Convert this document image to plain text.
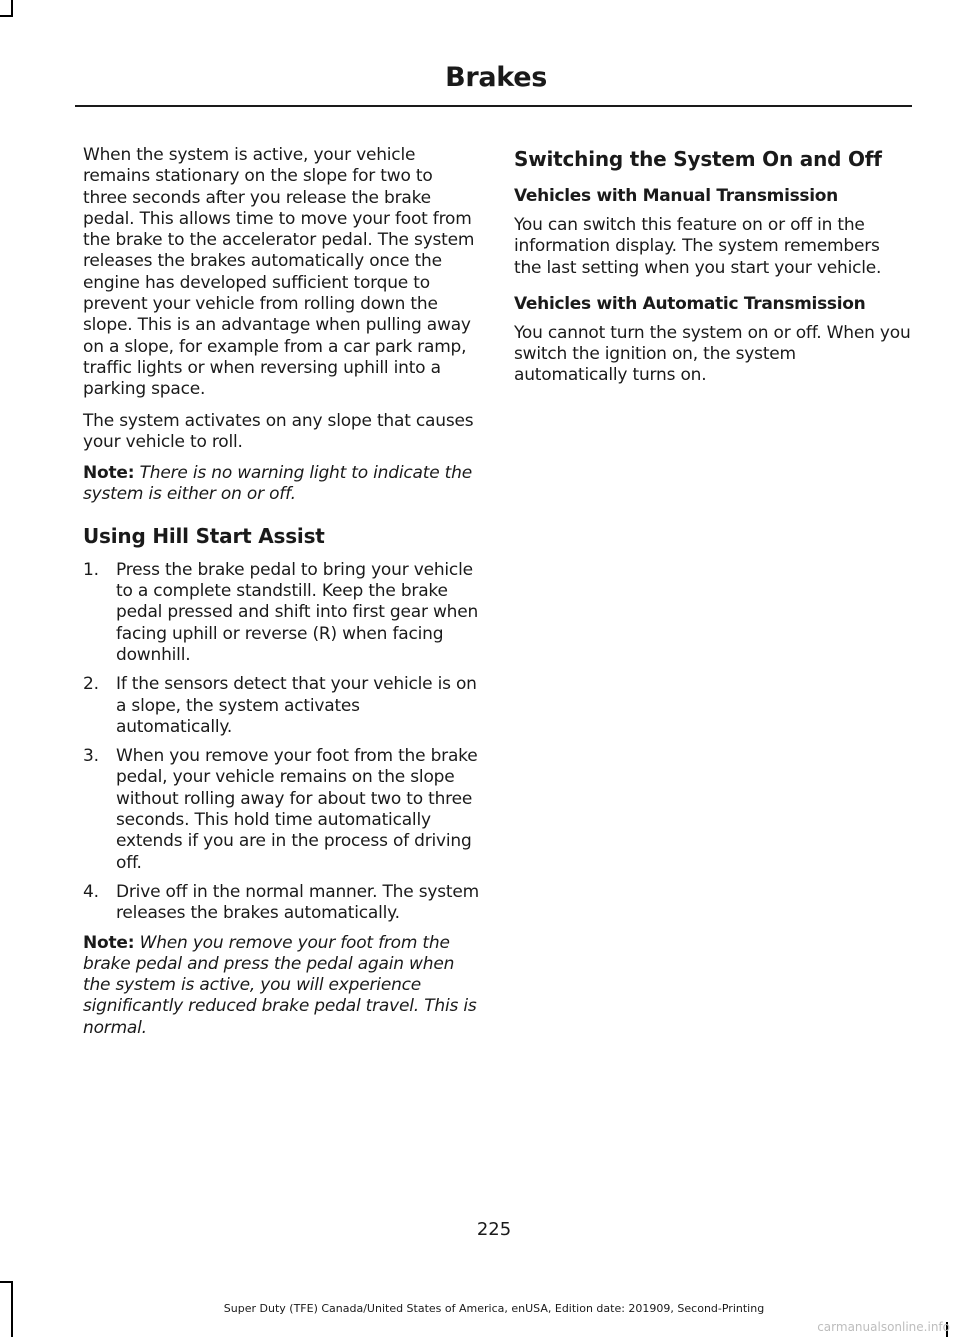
Brakes

When the system is active, your vehicle remains stationary on the slope for two to three seconds after you release the brake pedal. This allows time to move your foot from the brake to the accelerator pedal. The system releases the brakes automatically once the engine has developed sufficient torque to prevent your vehicle from rolling down the slope. This is an advantage when pulling away on a slope, for example from a car park ramp, traffic lights or when reversing uphill into a parking space.

The system activates on any slope that causes your vehicle to roll.

Note: There is no warning light to indicate the system is either on or off.

Using Hill Start Assist
1. Press the brake pedal to bring your vehicle to a complete standstill. Keep the brake pedal pressed and shift into first gear when facing uphill or reverse (R) when facing downhill.
2. If the sensors detect that your vehicle is on a slope, the system activates automatically.
3. When you remove your foot from the brake pedal, your vehicle remains on the slope without rolling away for about two to three seconds. This hold time automatically extends if you are in the process of driving off.
4. Drive off in the normal manner. The system releases the brakes automatically.

Note: When you remove your foot from the brake pedal and press the pedal again when the system is active, you will experience significantly reduced brake pedal travel. This is normal.

Switching the System On and Off
Vehicles with Manual Transmission

You can switch this feature on or off in the information display. The system remembers the last setting when you start your vehicle.

Vehicles with Automatic Transmission

You cannot turn the system on or off. When you switch the ignition on, the system automatically turns on.

225
Super Duty (TFE) Canada/United States of America, enUSA, Edition date: 201909, Second-Printing
carmanualsonline.info
